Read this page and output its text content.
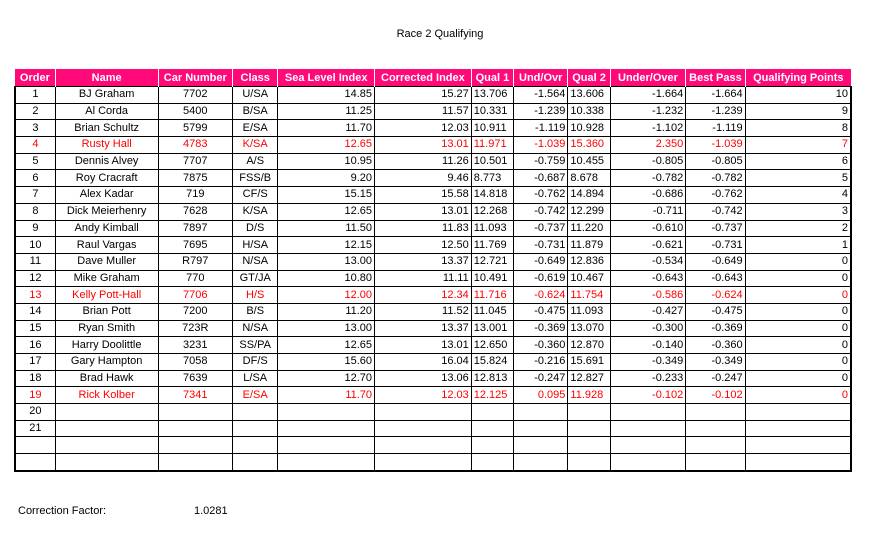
Race 2 Qualifying
Order	Name	Car Number	Class	Sea Level Index	Corrected Index	Qual 1	Und/Ovr	Qual 2	Under/Over	Best Pass	Qualifying Points
1	BJ Graham	7702	U/SA	14.85	15.27	13.706	-1.564	13.606	-1.664	-1.664	10
2	Al Corda	5400	B/SA	11.25	11.57	10.331	-1.239	10.338	-1.232	-1.239	9
3	Brian Schultz	5799	E/SA	11.70	12.03	10.911	-1.119	10.928	-1.102	-1.119	8
4	Rusty Hall	4783	K/SA	12.65	13.01	11.971	-1.039	15.360	2.350	-1.039	7
5	Dennis Alvey	7707	A/S	10.95	11.26	10.501	-0.759	10.455	-0.805	-0.805	6
6	Roy Cracraft	7875	FSS/B	9.20	9.46	8.773	-0.687	8.678	-0.782	-0.782	5
7	Alex Kadar	719	CF/S	15.15	15.58	14.818	-0.762	14.894	-0.686	-0.762	4
8	Dick Meierhenry	7628	K/SA	12.65	13.01	12.268	-0.742	12.299	-0.711	-0.742	3
9	Andy Kimball	7897	D/S	11.50	11.83	11.093	-0.737	11.220	-0.610	-0.737	2
10	Raul Vargas	7695	H/SA	12.15	12.50	11.769	-0.731	11.879	-0.621	-0.731	1
11	Dave Muller	R797	N/SA	13.00	13.37	12.721	-0.649	12.836	-0.534	-0.649	0
12	Mike Graham	770	GT/JA	10.80	11.11	10.491	-0.619	10.467	-0.643	-0.643	0
13	Kelly Pott-Hall	7706	H/S	12.00	12.34	11.716	-0.624	11.754	-0.586	-0.624	0
14	Brian Pott	7200	B/S	11.20	11.52	11.045	-0.475	11.093	-0.427	-0.475	0
15	Ryan Smith	723R	N/SA	13.00	13.37	13.001	-0.369	13.070	-0.300	-0.369	0
16	Harry Doolittle	3231	SS/PA	12.65	13.01	12.650	-0.360	12.870	-0.140	-0.360	0
17	Gary Hampton	7058	DF/S	15.60	16.04	15.824	-0.216	15.691	-0.349	-0.349	0
18	Brad Hawk	7639	L/SA	12.70	13.06	12.813	-0.247	12.827	-0.233	-0.247	0
19	Rick Kolber	7341	E/SA	11.70	12.03	12.125	0.095	11.928	-0.102	-0.102	0
20											
21											

Correction Factor:	1.0281
